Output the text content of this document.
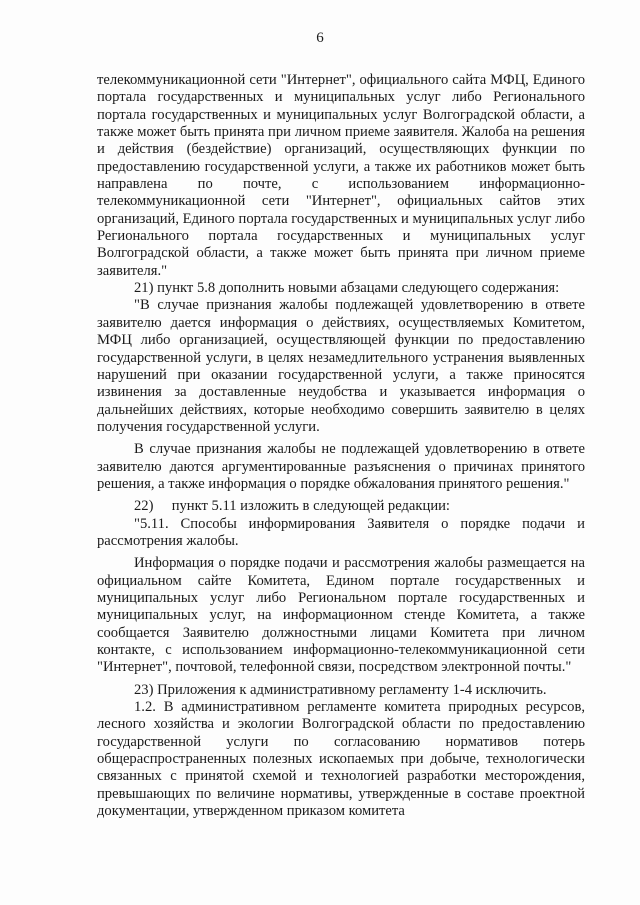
6

телекоммуникационной сети "Интернет", официального сайта МФЦ, Единого портала государственных и муниципальных услуг либо Регионального портала государственных и муниципальных услуг Волгоградской области, а также может быть принята при личном приеме заявителя. Жалоба на решения и действия (бездействие) организаций, осуществляющих функции по предоставлению государственной услуги, а также их работников может быть направлена по почте, с использованием информационно-телекоммуникационной сети "Интернет", официальных сайтов этих организаций, Единого портала государственных и муниципальных услуг либо Регионального портала государственных и муниципальных услуг Волгоградской области, а также может быть принята при личном приеме заявителя."

21) пункт 5.8 дополнить новыми абзацами следующего содержания:

"В случае признания жалобы подлежащей удовлетворению в ответе заявителю дается информация о действиях, осуществляемых Комитетом, МФЦ либо организацией, осуществляющей функции по предоставлению государственной услуги, в целях незамедлительного устранения выявленных нарушений при оказании государственной услуги, а также приносятся извинения за доставленные неудобства и указывается информация о дальнейших действиях, которые необходимо совершить заявителю в целях получения государственной услуги.

В случае признания жалобы не подлежащей удовлетворению в ответе заявителю даются аргументированные разъяснения о причинах принятого решения, а также информация о порядке обжалования принятого решения."

22)     пункт 5.11 изложить в следующей редакции:

"5.11. Способы информирования Заявителя о порядке подачи и рассмотрения жалобы.

Информация о порядке подачи и рассмотрения жалобы размещается на официальном сайте Комитета, Едином портале государственных и муниципальных услуг либо Региональном портале государственных и муниципальных услуг, на информационном стенде Комитета, а также сообщается Заявителю должностными лицами Комитета при личном контакте, с использованием информационно-телекоммуникационной сети "Интернет", почтовой, телефонной связи, посредством электронной почты."

23) Приложения к административному регламенту 1-4 исключить.

1.2. В административном регламенте комитета природных ресурсов, лесного хозяйства и экологии Волгоградской области по предоставлению государственной услуги по согласованию нормативов потерь общераспространенных полезных ископаемых при добыче, технологически связанных с принятой схемой и технологией разработки месторождения, превышающих по величине нормативы, утвержденные в составе проектной документации, утвержденном приказом комитета
